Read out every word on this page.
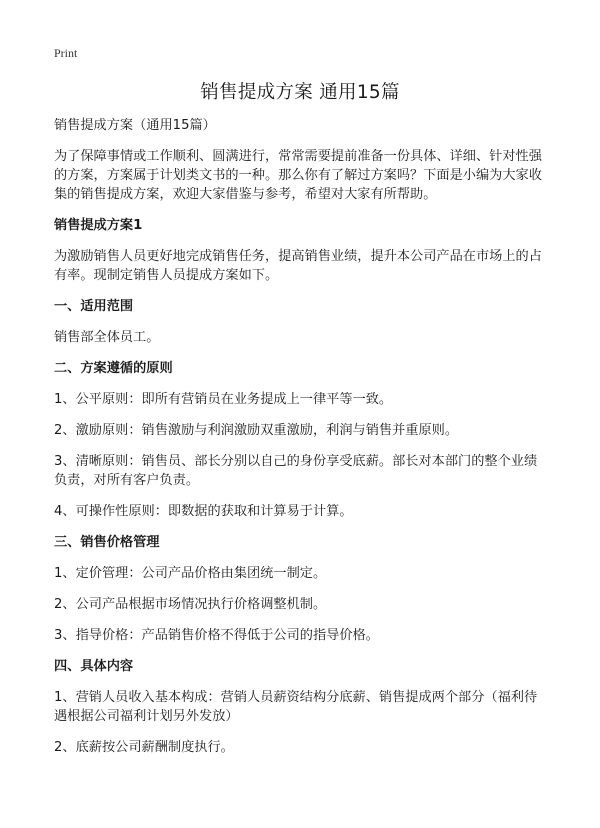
Print
销售提成方案 通用15篇

销售提成方案（通用15篇）

为了保障事情或工作顺利、圆满进行，常常需要提前准备一份具体、详细、针对性强的方案，方案属于计划类文书的一种。那么你有了解过方案吗？下面是小编为大家收集的销售提成方案，欢迎大家借鉴与参考，希望对大家有所帮助。

销售提成方案1

为激励销售人员更好地完成销售任务，提高销售业绩，提升本公司产品在市场上的占有率。现制定销售人员提成方案如下。

一、适用范围

销售部全体员工。

二、方案遵循的原则

1、公平原则：即所有营销员在业务提成上一律平等一致。

2、激励原则：销售激励与利润激励双重激励，利润与销售并重原则。

3、清晰原则：销售员、部长分别以自己的身份享受底薪。部长对本部门的整个业绩负责，对所有客户负责。

4、可操作性原则：即数据的获取和计算易于计算。

三、销售价格管理

1、定价管理：公司产品价格由集团统一制定。

2、公司产品根据市场情况执行价格调整机制。

3、指导价格：产品销售价格不得低于公司的指导价格。

四、具体内容

1、营销人员收入基本构成：营销人员薪资结构分底薪、销售提成两个部分（福利待遇根据公司福利计划另外发放）

2、底薪按公司薪酬制度执行。
